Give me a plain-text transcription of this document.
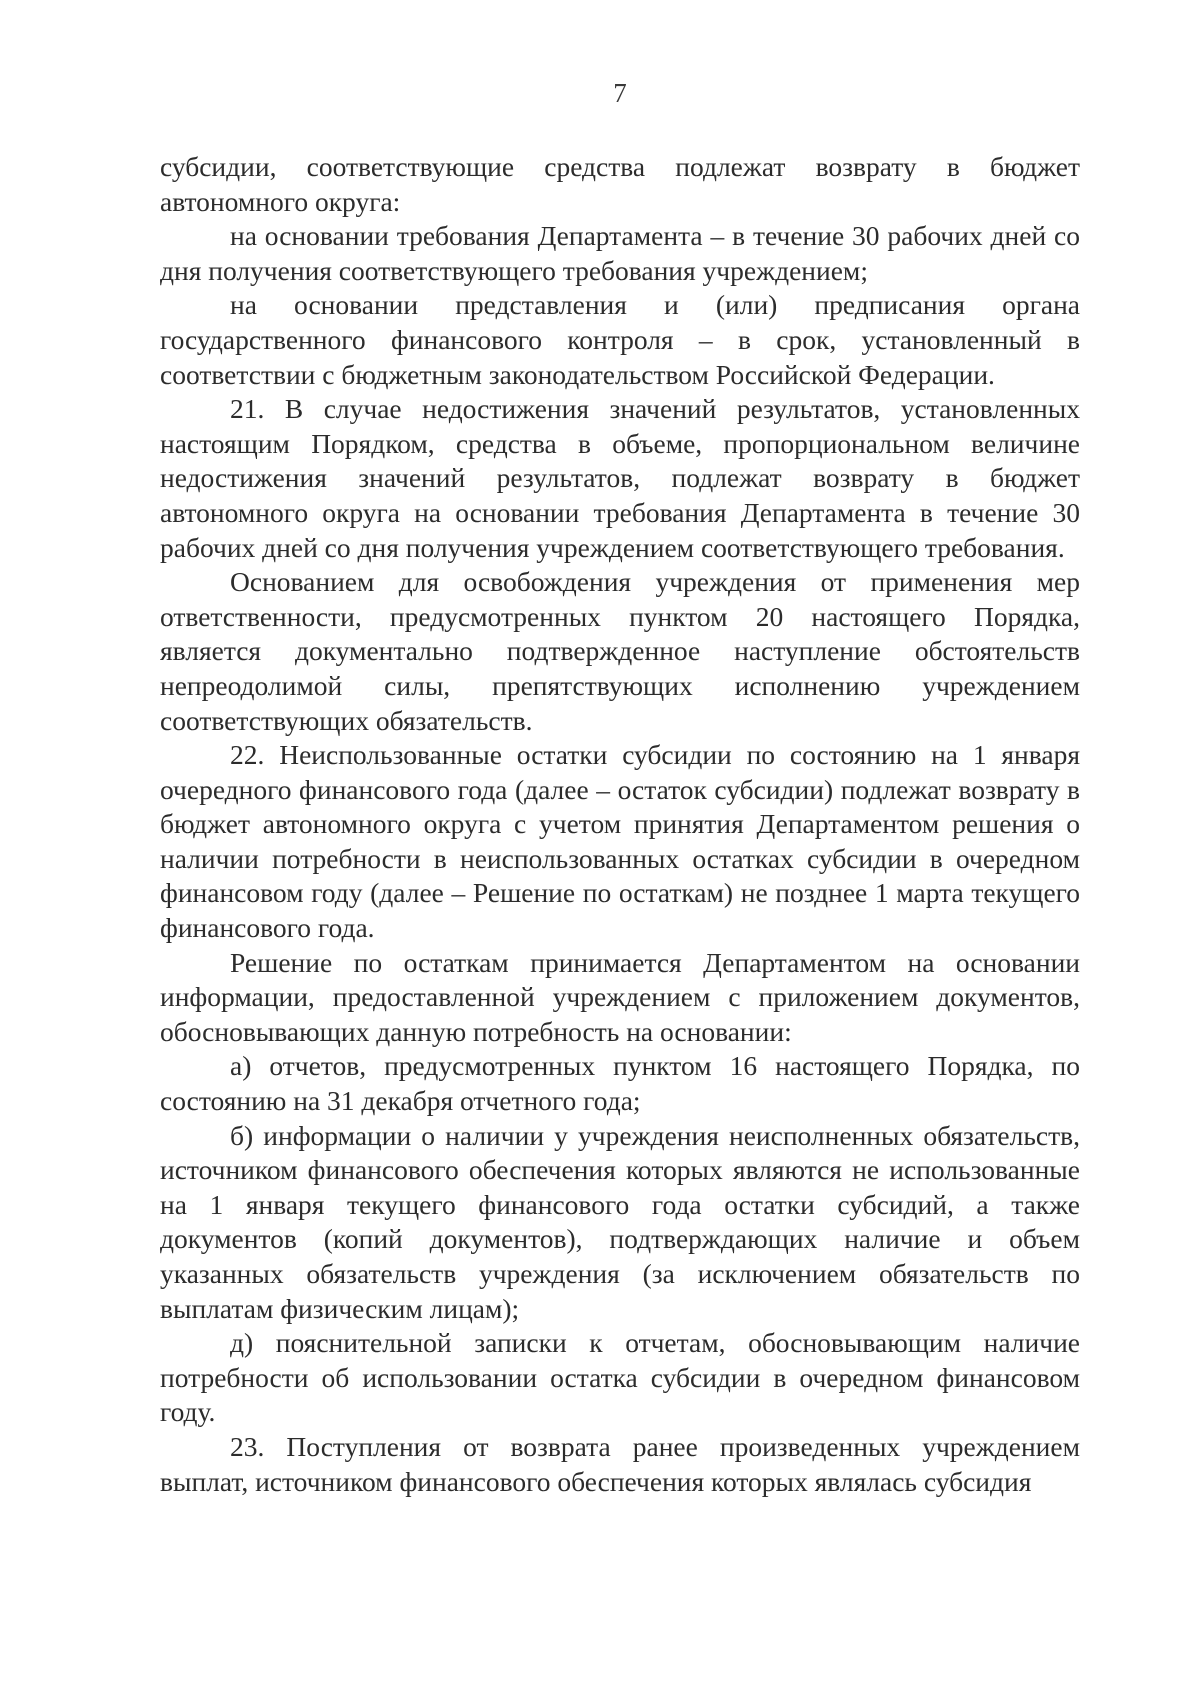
7

субсидии, соответствующие средства подлежат возврату в бюджет автономного округа:

на основании требования Департамента – в течение 30 рабочих дней со дня получения соответствующего требования учреждением;

на основании представления и (или) предписания органа государственного финансового контроля – в срок, установленный в соответствии с бюджетным законодательством Российской Федерации.

21. В случае недостижения значений результатов, установленных настоящим Порядком, средства в объеме, пропорциональном величине недостижения значений результатов, подлежат возврату в бюджет автономного округа на основании требования Департамента в течение 30 рабочих дней со дня получения учреждением соответствующего требования.

Основанием для освобождения учреждения от применения мер ответственности, предусмотренных пунктом 20 настоящего Порядка, является документально подтвержденное наступление обстоятельств непреодолимой силы, препятствующих исполнению учреждением соответствующих обязательств.

22. Неиспользованные остатки субсидии по состоянию на 1 января очередного финансового года (далее – остаток субсидии) подлежат возврату в бюджет автономного округа с учетом принятия Департаментом решения о наличии потребности в неиспользованных остатках субсидии в очередном финансовом году (далее – Решение по остаткам) не позднее 1 марта текущего финансового года.

Решение по остаткам принимается Департаментом на основании информации, предоставленной учреждением с приложением документов, обосновывающих данную потребность на основании:

а) отчетов, предусмотренных пунктом 16 настоящего Порядка, по состоянию на 31 декабря отчетного года;

б) информации о наличии у учреждения неисполненных обязательств, источником финансового обеспечения которых являются не использованные на 1 января текущего финансового года остатки субсидий, а также документов (копий документов), подтверждающих наличие и объем указанных обязательств учреждения (за исключением обязательств по выплатам физическим лицам);

д) пояснительной записки к отчетам, обосновывающим наличие потребности об использовании остатка субсидии в очередном финансовом году.

23. Поступления от возврата ранее произведенных учреждением выплат, источником финансового обеспечения которых являлась субсидия
